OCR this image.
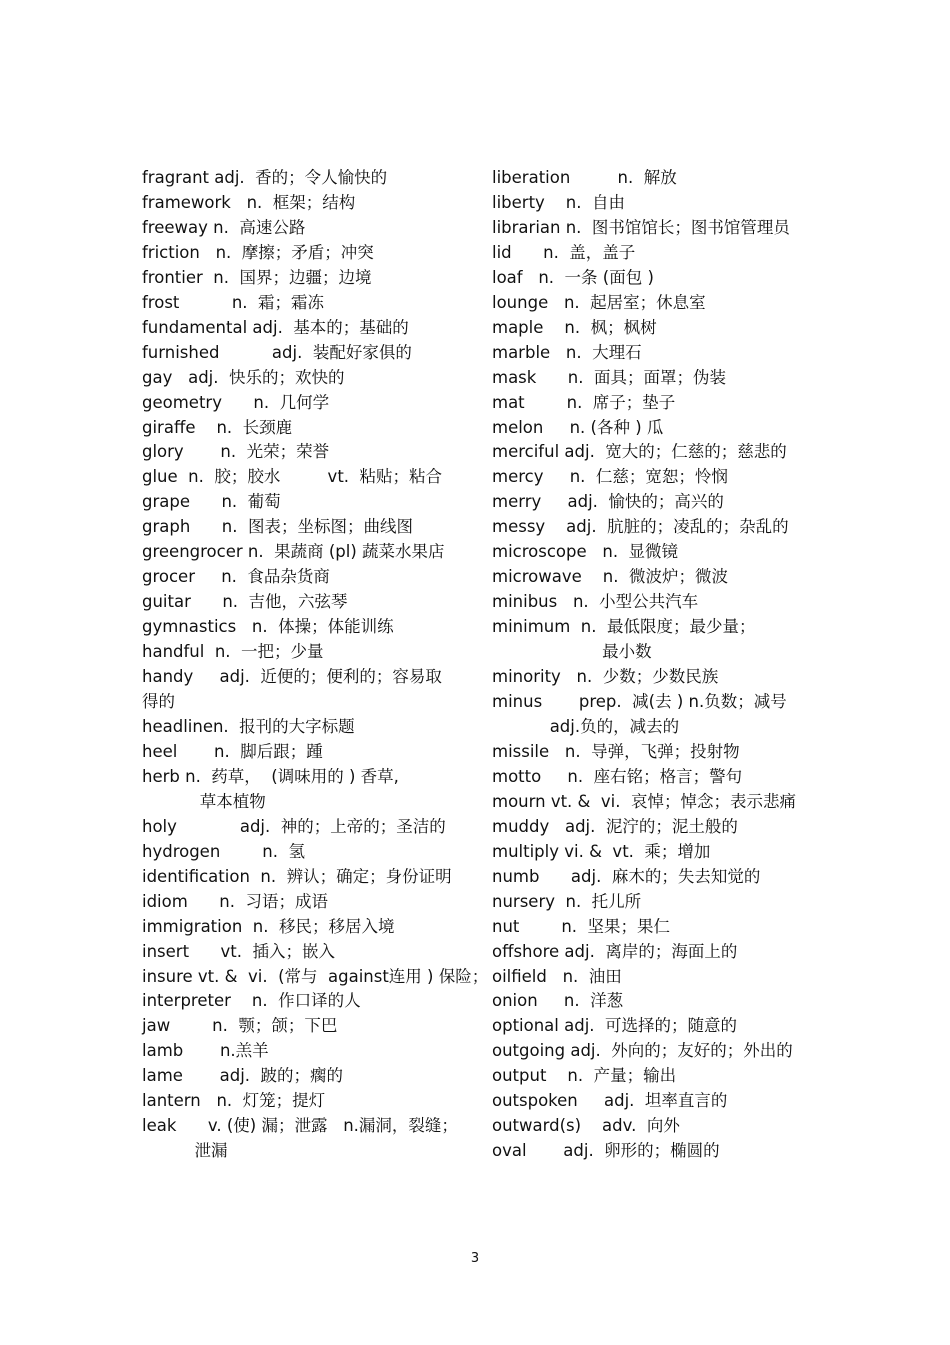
fragrant adj.  香的；令人愉快的
framework   n.  框架；结构
freeway n.  高速公路
friction   n.  摩擦；矛盾；冲突
frontier  n.  国界；边疆；边境
frost          n.  霜；霜冻
fundamental adj.  基本的；基础的
furnished          adj.  装配好家俱的
gay   adj.  快乐的；欢快的
geometry      n.  几何学
giraffe    n.  长颈鹿
glory       n.  光荣；荣誉
glue  n.  胶；胶水         vt.  粘贴；粘合
grape      n.  葡萄
graph      n.  图表；坐标图；曲线图
greengrocer n.  果蔬商 (pl) 蔬菜水果店
grocer     n.  食品杂货商
guitar      n.  吉他，六弦琴
gymnastics   n.  体操；体能训练
handful  n.  一把；少量
handy     adj.  近便的；便利的；容易取
得的
headlinen.  报刊的大字标题
heel       n.  脚后跟；踵
herb n.  药草，  (调味用的 ) 香草,
草本植物
holy            adj.  神的；上帝的；圣洁的
hydrogen        n.  氢
identification  n.  辨认；确定；身份证明
idiom      n.  习语；成语
immigration  n.  移民；移居入境
insert      vt.  插入；嵌入
insure vt. &  vi.  (常与  against连用 ) 保险；
interpreter    n.  作口译的人
jaw        n.  颚；颌；下巴
lamb       n.羔羊
lame       adj.  跛的；瘸的
lantern   n.  灯笼；提灯
leak      v. (使) 漏；泄露   n.漏洞，裂缝；
泄漏
liberation         n.  解放
liberty    n.  自由
librarian n.  图书馆馆长；图书馆管理员
lid      n.  盖，盖子
loaf   n.  一条 (面包 )
lounge   n.  起居室；休息室
maple    n.  枫；枫树
marble   n.  大理石
mask      n.  面具；面罩；伪装
mat        n.  席子；垫子
melon     n. (各种 ) 瓜
merciful adj.  宽大的；仁慈的；慈悲的
mercy     n.  仁慈；宽恕；怜悯
merry     adj.  愉快的；高兴的
messy    adj.  肮脏的；凌乱的；杂乱的
microscope   n.  显微镜
microwave    n.  微波炉；微波
minibus   n.  小型公共汽车
minimum  n.  最低限度；最少量；
最小数
minority   n.  少数；少数民族
minus       prep.  减(去 ) n.负数；减号
adj.负的，减去的
missile   n.  导弹，飞弹；投射物
motto     n.  座右铭；格言；警句
mourn vt. &  vi.  哀悼；悼念；表示悲痛
muddy   adj.  泥泞的；泥土般的
multiply vi. &  vt.  乘；增加
numb      adj.  麻木的；失去知觉的
nursery  n.  托儿所
nut        n.  坚果；果仁
offshore adj.  离岸的；海面上的
oilfield   n.  油田
onion     n.  洋葱
optional adj.  可选择的；随意的
outgoing adj.  外向的；友好的；外出的
output    n.  产量；输出
outspoken     adj.  坦率直言的
outward(s)    adv.  向外
oval       adj.  卵形的；椭圆的
3
